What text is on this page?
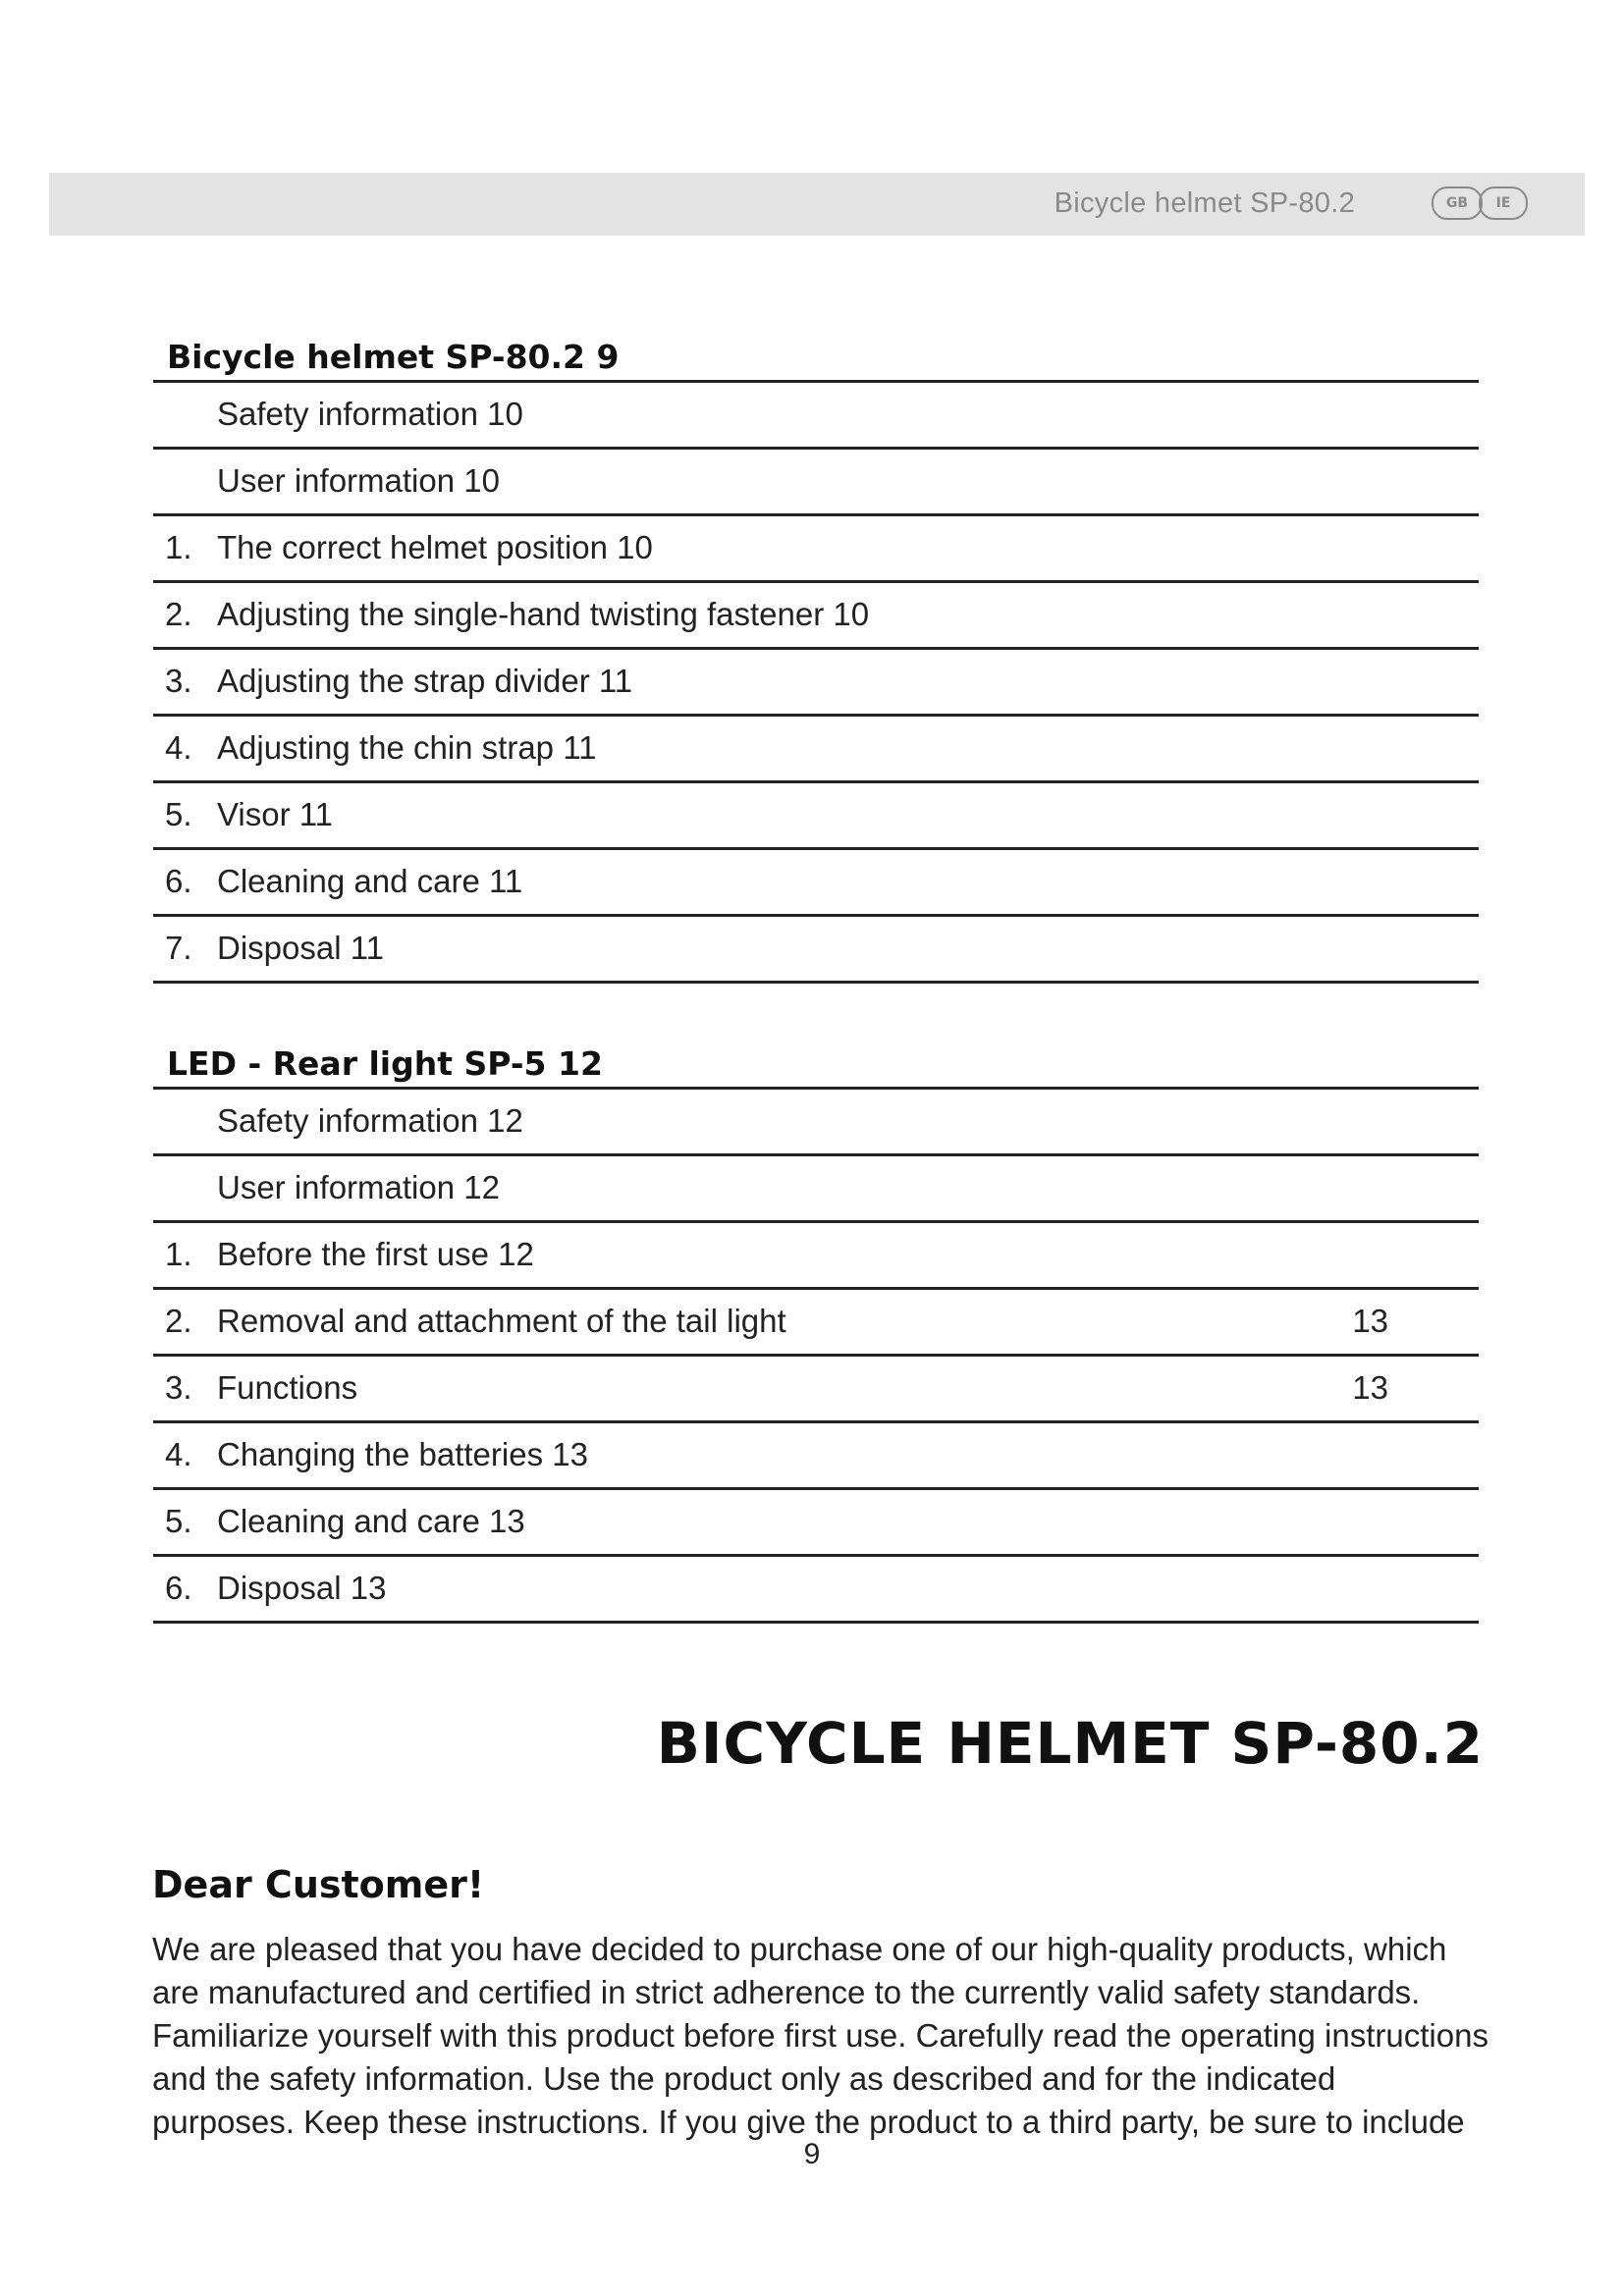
Bicycle helmet SP-80.2	GB	IE
Bicycle helmet SP-80.2 9
Safety information 10
User information 10
1. The correct helmet position 10
2. Adjusting the single-hand twisting fastener 10
3. Adjusting the strap divider 11
4. Adjusting the chin strap 11
5. Visor 11
6. Cleaning and care 11
7. Disposal 11
LED - Rear light SP-5 12
Safety information 12
User information 12
1. Before the first use 12
2. Removal and attachment of the tail light	13
3. Functions	13
4. Changing the batteries 13
5. Cleaning and care 13
6. Disposal 13
BICYCLE HELMET SP-80.2
Dear Customer!
We are pleased that you have decided to purchase one of our high-quality products, which
are manufactured and certified in strict adherence to the currently valid safety standards.
Familiarize yourself with this product before first use. Carefully read the operating instructions
and the safety information. Use the product only as described and for the indicated
purposes. Keep these instructions. If you give the product to a third party, be sure to include
9
